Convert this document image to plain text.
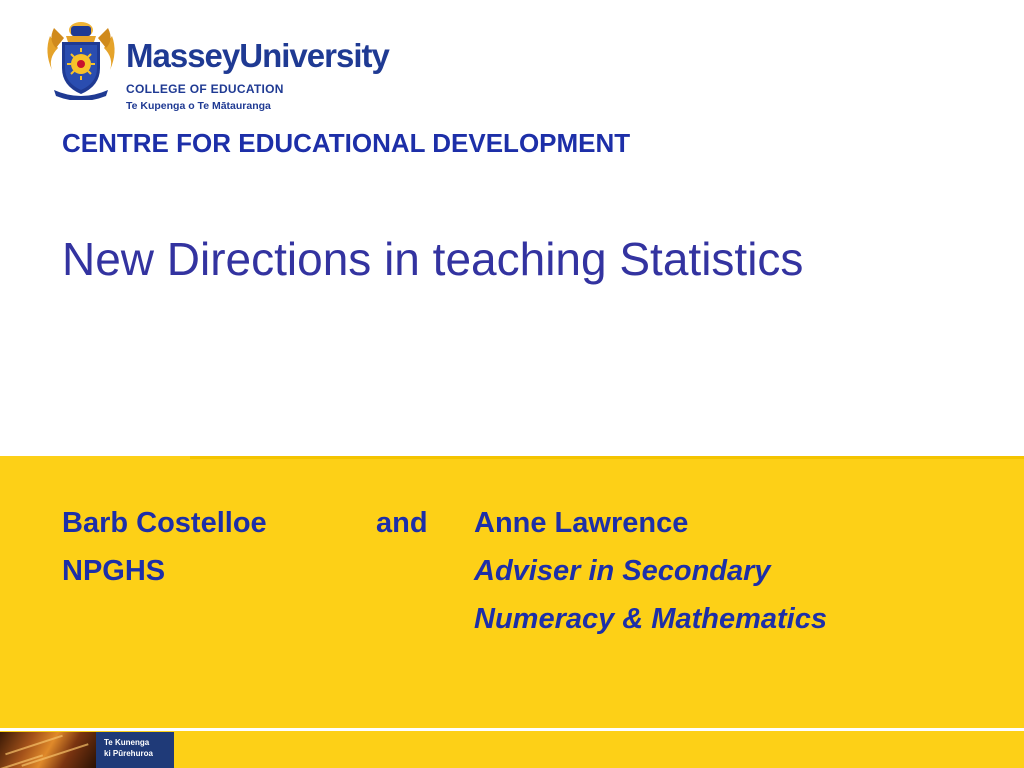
MasseyUniversity
COLLEGE OF EDUCATION
Te Kupenga o Te Mātauranga
CENTRE FOR EDUCATIONAL DEVELOPMENT
New Directions in teaching Statistics
Barb Costelloe	and Anne Lawrence
NPGHS	Adviser in Secondary
Numeracy & Mathematics
Te Kunenga
ki Pūrehuroa
